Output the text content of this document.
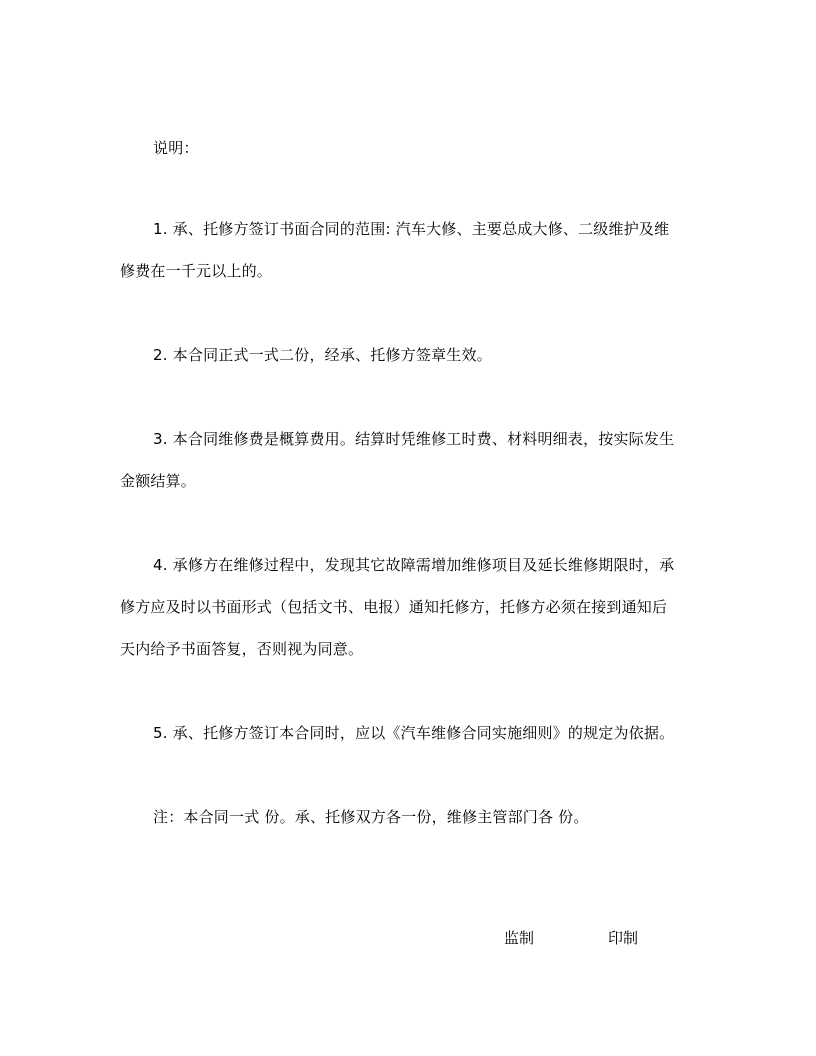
说明：
1. 承、托修方签订书面合同的范围: 汽车大修、主要总成大修、二级维护及维
修费在一千元以上的。
2. 本合同正式一式二份，经承、托修方签章生效。
3. 本合同维修费是概算费用。结算时凭维修工时费、材料明细表，按实际发生
金额结算。
4. 承修方在维修过程中，发现其它故障需增加维修项目及延长维修期限时，承
修方应及时以书面形式（包括文书、电报）通知托修方，托修方必须在接到通知后
天内给予书面答复，否则视为同意。
5. 承、托修方签订本合同时，应以《汽车维修合同实施细则》的规定为依据。
注：本合同一式 份。承、托修双方各一份，维修主管部门各 份。
监制	印制
